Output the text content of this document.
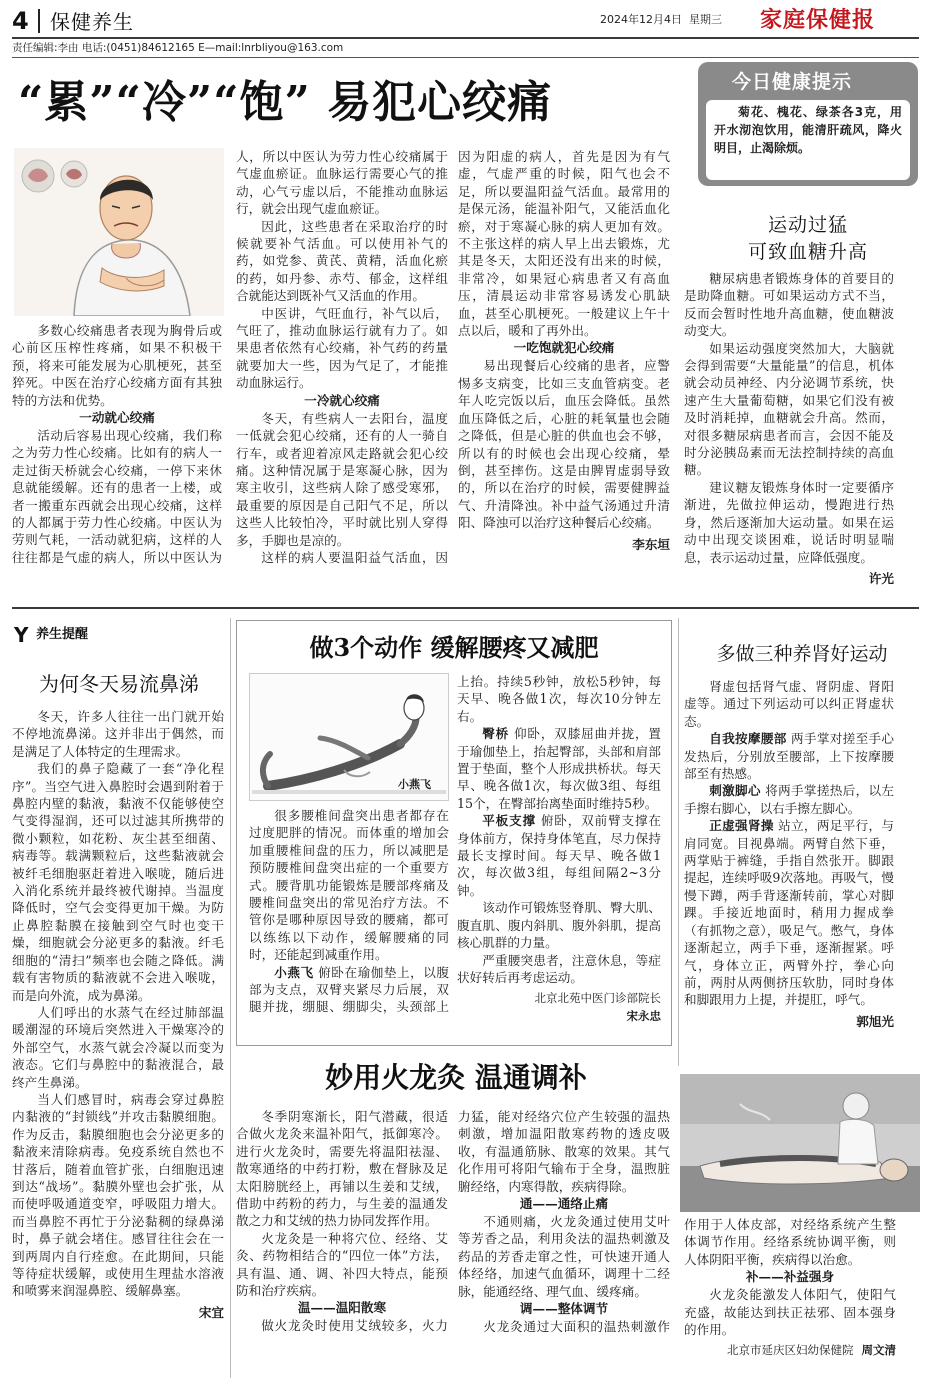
4 保健养生	2024年12月4日 星期三 家庭保健报
责任编辑:李由 电话:(0451)84612165 E—mail:lnrbliyou@163.com
“累”“冷”“饱” 易犯心绞痛

多数心绞痛患者表现为胸骨后或心前区压榨性疼痛，如果不积极干预，将来可能发展为心肌梗死，甚至猝死。中医在治疗心绞痛方面有其独特的方法和优势。

一动就心绞痛

活动后容易出现心绞痛，我们称之为劳力性心绞痛。比如有的病人一走过街天桥就会心绞痛，一停下来休息就能缓解。还有的患者一上楼，或者一搬重东西就会出现心绞痛，这样的人都属于劳力性心绞痛。中医认为劳则气耗，一活动就犯病，这样的人往往都是气虚的病人，所以中医认为

人，所以中医认为劳力性心绞痛属于气虚血瘀证。血脉运行需要心气的推动，心气亏虚以后，不能推动血脉运行，就会出现气虚血瘀证。

因此，这些患者在采取治疗的时候就要补气活血。可以使用补气的药，如党参、黄芪、黄精，活血化瘀的药，如丹参、赤芍、郁金，这样组合就能达到既补气又活血的作用。

中医讲，气旺血行，补气以后，气旺了，推动血脉运行就有力了。如果患者依然有心绞痛，补气药的药量就要加大一些，因为气足了，才能推动血脉运行。

一冷就心绞痛

冬天，有些病人一去阳台，温度一低就会犯心绞痛，还有的人一骑自行车，或者迎着凉风走路就会犯心绞痛。这种情况属于是寒凝心脉，因为寒主收引，这些病人除了感受寒邪，最重要的原因是自己阳气不足，所以这些人比较怕冷，平时就比别人穿得多，手脚也是凉的。

这样的病人要温阳益气活血，因

因为阳虚的病人，首先是因为有气虚，气虚严重的时候，阳气也会不足，所以要温阳益气活血。最常用的是保元汤，能温补阳气，又能活血化瘀，对于寒凝心脉的病人更加有效。不主张这样的病人早上出去锻炼，尤其是冬天，太阳还没有出来的时候，非常冷，如果冠心病患者又有高血压，清晨运动非常容易诱发心肌缺血，甚至心肌梗死。一般建议上午十点以后，暖和了再外出。

一吃饱就犯心绞痛

易出现餐后心绞痛的患者，应警惕多支病变，比如三支血管病变。老年人吃完饭以后，血压会降低。虽然血压降低之后，心脏的耗氧量也会随之降低，但是心脏的供血也会不够，所以有的时候也会出现心绞痛，晕倒，甚至摔伤。这是由脾胃虚弱导致的，所以在治疗的时候，需要健脾益气、升清降浊。补中益气汤通过升清阳、降浊可以治疗这种餐后心绞痛。

李东垣

今日健康提示
菊花、槐花、绿茶各3克，用开水沏泡饮用，能清肝疏风，降火明目，止渴除烦。
运动过猛
可致血糖升高

糖尿病患者锻炼身体的首要目的是助降血糖。可如果运动方式不当，反而会暂时性地升高血糖，使血糖波动变大。

如果运动强度突然加大，大脑就会得到需要“大量能量”的信息，机体就会动员神经、内分泌调节系统，快速产生大量葡萄糖，如果它们没有被及时消耗掉，血糖就会升高。然而，对很多糖尿病患者而言，会因不能及时分泌胰岛素而无法控制持续的高血糖。

建议糖友锻炼身体时一定要循序渐进，先做拉伸运动，慢跑进行热身，然后逐渐加大运动量。如果在运动中出现交谈困难，说话时明显喘息，表示运动过量，应降低强度。

许光

Y 养生提醒
为何冬天易流鼻涕

冬天，许多人往往一出门就开始不停地流鼻涕。这并非出于偶然，而是满足了人体特定的生理需求。

我们的鼻子隐藏了一套“净化程序”。当空气进入鼻腔时会遇到附着于鼻腔内壁的黏液，黏液不仅能够使空气变得湿润，还可以过滤其所携带的微小颗粒，如花粉、灰尘甚至细菌、病毒等。载满颗粒后，这些黏液就会被纤毛细胞驱赶着进入喉咙，随后进入消化系统并最终被代谢掉。当温度降低时，空气会变得更加干燥。为防止鼻腔黏膜在接触到空气时也变干燥，细胞就会分泌更多的黏液。纤毛细胞的“清扫”频率也会随之降低。满载有害物质的黏液就不会进入喉咙，而是向外流，成为鼻涕。

人们呼出的水蒸气在经过肺部温暖潮湿的环境后突然进入干燥寒冷的外部空气，水蒸气就会冷凝以而变为液态。它们与鼻腔中的黏液混合，最终产生鼻涕。

当人们感冒时，病毒会穿过鼻腔内黏液的“封锁线”并攻击黏膜细胞。作为反击，黏膜细胞也会分泌更多的黏液来清除病毒。免疫系统自然也不甘落后，随着血管扩张，白细胞迅速到达“战场”。黏膜外壁也会扩张，从而使呼吸通道变窄，呼吸阻力增大。而当鼻腔不再忙于分泌黏稠的绿鼻涕时，鼻子就会堵住。感冒往往会在一到两周内自行痊愈。在此期间，只能等待症状缓解，或使用生理盐水溶液和喷雾来润湿鼻腔、缓解鼻塞。

宋宜

做3个动作 缓解腰疼又减肥
小燕飞

很多腰椎间盘突出患者都存在过度肥胖的情况。而体重的增加会加重腰椎间盘的压力，所以减肥是预防腰椎间盘突出症的一个重要方式。腰背肌功能锻炼是腰部疼痛及腰椎间盘突出的常见治疗方法。不管你是哪种原因导致的腰痛，都可以练练以下动作，缓解腰痛的同时，还能起到减重作用。

小燕飞 俯卧在瑜伽垫上，以腹部为支点，双臂夹紧尽力后展，双腿并拢，绷腿、绷脚尖，头颈部上

上抬。持续5秒钟，放松5秒钟，每天早、晚各做1次，每次10分钟左右。

臀桥 仰卧，双膝屈曲并拢，置于瑜伽垫上，抬起臀部，头部和肩部置于垫面，整个人形成拱桥状。每天早、晚各做1次，每次做3组、每组15个，在臀部抬离垫面时维持5秒。

平板支撑 俯卧，双前臂支撑在身体前方，保持身体笔直，尽力保持最长支撑时间。每天早、晚各做1次，每次做3组，每组间隔2~3分钟。

该动作可锻炼竖脊肌、臀大肌、腹直肌、腹内斜肌、腹外斜肌，提高核心肌群的力量。

严重腰突患者，注意休息，等症状好转后再考虑运动。

北京北苑中医门诊部院长
宋永忠

多做三种养肾好运动

肾虚包括肾气虚、肾阴虚、肾阳虚等。通过下列运动可以纠正肾虚状态。

自我按摩腰部 两手掌对搓至手心发热后，分别放至腰部，上下按摩腰部至有热感。

刺激脚心 将两手掌搓热后，以左手擦右脚心，以右手擦左脚心。

正虚强肾操 站立，两足平行，与肩同宽。目视鼻端。两臂自然下垂，两掌贴于裤缝，手指自然张开。脚跟提起，连续呼吸9次落地。再吸气，慢慢下蹲，两手背逐渐转前，掌心对脚踝。手接近地面时，稍用力握成拳（有抓物之意），吸足气。憋气，身体逐渐起立，两手下垂，逐渐握紧。呼气，身体立正，两臂外拧，拳心向前，两肘从两侧挤压软肋，同时身体和脚跟用力上提，并提肛，呼气。

郭旭光

妙用火龙灸 温通调补

冬季阴寒渐长，阳气潜藏，很适合做火龙灸来温补阳气，抵御寒冷。进行火龙灸时，需要先将温阳祛湿、散寒通络的中药打粉，敷在督脉及足太阳膀胱经上，再铺以生姜和艾绒，借助中药粉的药力，与生姜的温通发散之力和艾绒的热力协同发挥作用。

火龙灸是一种将穴位、经络、艾灸、药物相结合的“四位一体”方法，具有温、通、调、补四大特点，能预防和治疗疾病。

温——温阳散寒

做火龙灸时使用艾绒较多，火力

力猛，能对经络穴位产生较强的温热刺激，增加温阳散寒药物的透皮吸收，有温通筋脉、散寒的效果。其气化作用可将阳气输布于全身，温煦脏腑经络，内寒得散，疾病得除。

通——通络止痛

不通则痛，火龙灸通过使用艾叶等芳香之品，利用灸法的温热刺激及药品的芳香走窜之性，可快速开通人体经络，加速气血循环，调理十二经脉，能通经络、理气血、缓疼痛。

调——整体调节

火龙灸通过大面积的温热刺激作

作用于人体皮部，对经络系统产生整体调节作用。经络系统协调平衡，则人体阴阳平衡，疾病得以治愈。

补——补益强身

火龙灸能激发人体阳气，使阳气充盛，故能达到扶正祛邪、固本强身的作用。

北京市延庆区妇幼保健院 周文清
